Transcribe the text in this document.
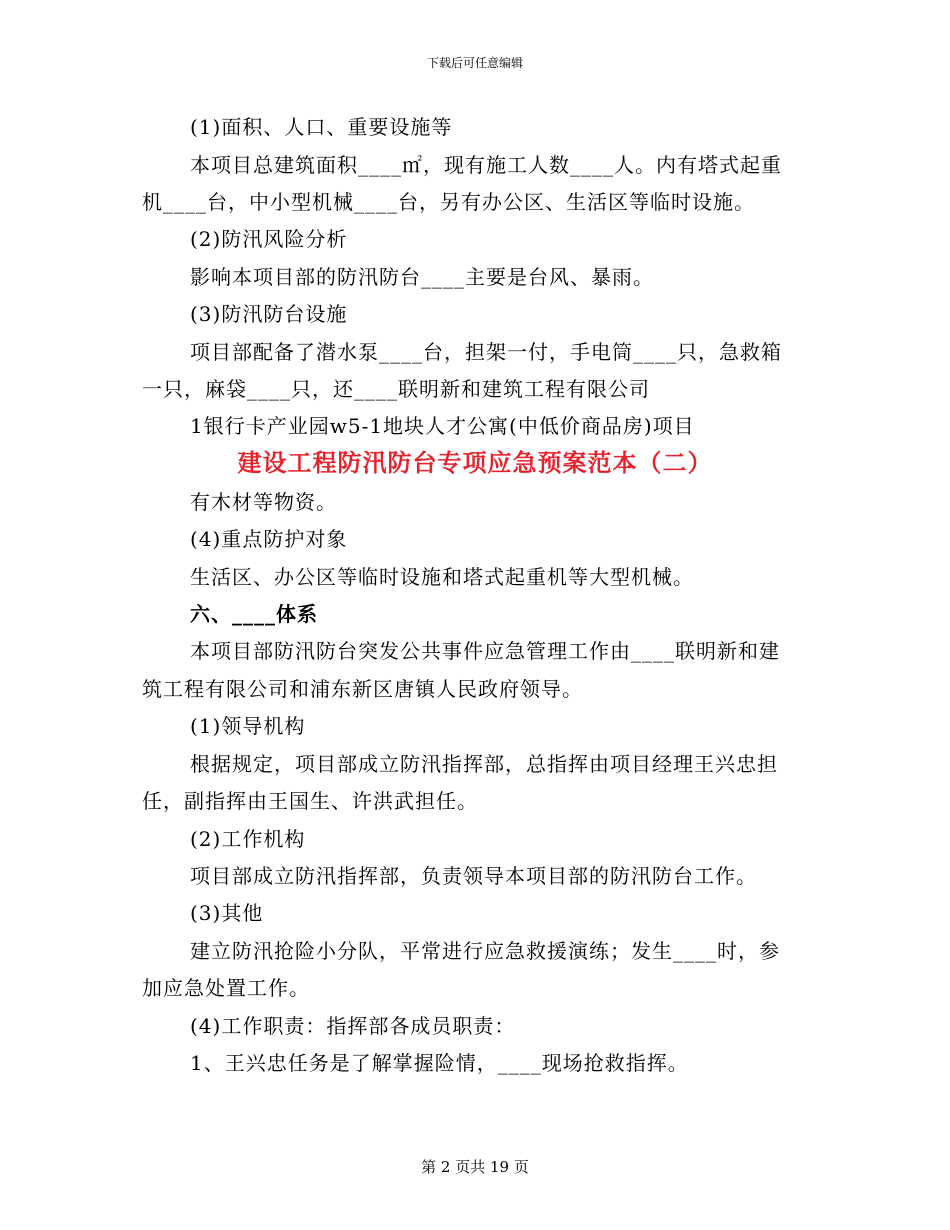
下载后可任意编辑
(1)面积、人口、重要设施等
本项目总建筑面积____㎡，现有施工人数____人。内有塔式起重
机____台，中小型机械____台，另有办公区、生活区等临时设施。
(2)防汛风险分析
影响本项目部的防汛防台____主要是台风、暴雨。
(3)防汛防台设施
项目部配备了潜水泵____台，担架一付，手电筒____只，急救箱
一只，麻袋____只，还____联明新和建筑工程有限公司
1银行卡产业园w5-1地块人才公寓(中低价商品房)项目
建设工程防汛防台专项应急预案范本（二）
有木材等物资。
(4)重点防护对象
生活区、办公区等临时设施和塔式起重机等大型机械。
六、____体系
本项目部防汛防台突发公共事件应急管理工作由____联明新和建
筑工程有限公司和浦东新区唐镇人民政府领导。
(1)领导机构
根据规定，项目部成立防汛指挥部，总指挥由项目经理王兴忠担
任，副指挥由王国生、许洪武担任。
(2)工作机构
项目部成立防汛指挥部，负责领导本项目部的防汛防台工作。
(3)其他
建立防汛抢险小分队，平常进行应急救援演练；发生____时，参
加应急处置工作。
(4)工作职责：指挥部各成员职责：
1、王兴忠任务是了解掌握险情，____现场抢救指挥。
第 2 页共 19 页
